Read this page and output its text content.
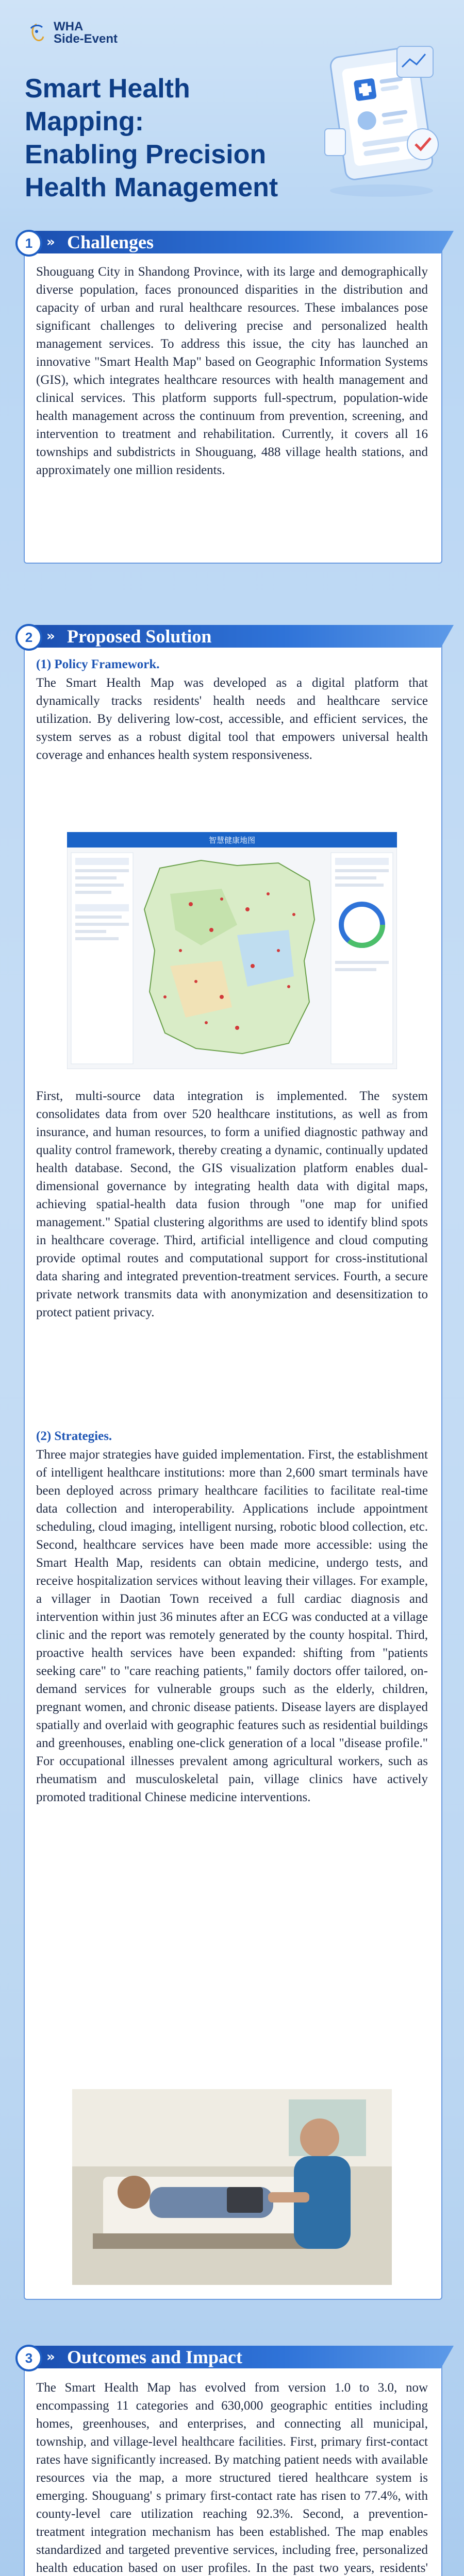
WHA
Side-Event
Smart Health Mapping:
Enabling Precision
Health Management
1	» Challenges

Shouguang City in Shandong Province, with its large and demographically diverse population, faces pronounced disparities in the distribution and capacity of urban and rural healthcare resources. These imbalances pose significant challenges to delivering precise and personalized health management services. To address this issue, the city has launched an innovative "Smart Health Map" based on Geographic Information Systems (GIS), which integrates healthcare resources with health management and clinical services. This platform supports full-spectrum, population-wide health management across the continuum from prevention, screening, and intervention to treatment and rehabilitation. Currently, it covers all 16 townships and subdistricts in Shouguang, 488 village health stations, and approximately one million residents.

2	» Proposed Solution

(1) Policy Framework.

The Smart Health Map was developed as a digital platform that dynamically tracks residents' health needs and healthcare service utilization. By delivering low-cost, accessible, and efficient services, the system serves as a robust digital tool that empowers universal health coverage and enhances health system responsiveness.

智慧健康地图

First, multi-source data integration is implemented. The system consolidates data from over 520 healthcare institutions, as well as from insurance, and human resources, to form a unified diagnostic pathway and quality control framework, thereby creating a dynamic, continually updated health database. Second, the GIS visualization platform enables dual-dimensional governance by integrating health data with digital maps, achieving spatial-health data fusion through "one map for unified management." Spatial clustering algorithms are used to identify blind spots in healthcare coverage. Third, artificial intelligence and cloud computing provide optimal routes and computational support for cross-institutional data sharing and integrated prevention-treatment services. Fourth, a secure private network transmits data with anonymization and desensitization to protect patient privacy.

(2) Strategies.

Three major strategies have guided implementation. First, the establishment of intelligent healthcare institutions: more than 2,600 smart terminals have been deployed across primary healthcare facilities to facilitate real-time data collection and interoperability. Applications include appointment scheduling, cloud imaging, intelligent nursing, robotic blood collection, etc. Second, healthcare services have been made more accessible: using the Smart Health Map, residents can obtain medicine, undergo tests, and receive hospitalization services without leaving their villages. For example, a villager in Daotian Town received a full cardiac diagnosis and intervention within just 36 minutes after an ECG was conducted at a village clinic and the report was remotely generated by the county hospital. Third, proactive health services have been expanded: shifting from "patients seeking care" to "care reaching patients," family doctors offer tailored, on-demand services for vulnerable groups such as the elderly, children, pregnant women, and chronic disease patients. Disease layers are displayed spatially and overlaid with geographic features such as residential buildings and greenhouses, enabling one-click generation of a local "disease profile." For occupational illnesses prevalent among agricultural workers, such as rheumatism and musculoskeletal pain, village clinics have actively promoted traditional Chinese medicine interventions.

3	» Outcomes and Impact

The Smart Health Map has evolved from version 1.0 to 3.0, now encompassing 11 categories and 630,000 geographic entities including homes, greenhouses, and enterprises, and connecting all municipal, township, and village-level healthcare facilities. First, primary first-contact rates have significantly increased. By matching patient needs with available resources via the map, a more structured tiered healthcare system is emerging. Shouguang' s primary first-contact rate has risen to 77.4%, with county-level care utilization reaching 92.3%. Second, a prevention-treatment integration mechanism has been established. The map enables standardized and targeted preventive services, including free, personalized health education based on user profiles. In the past two years, residents'
